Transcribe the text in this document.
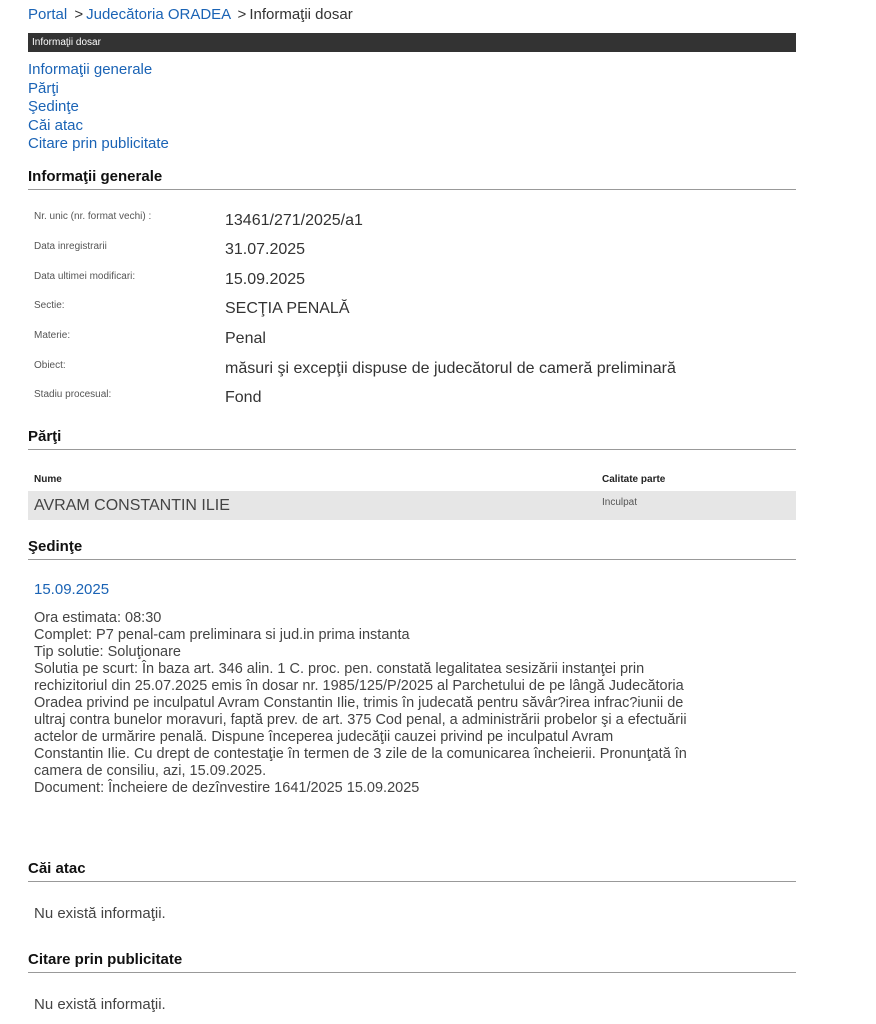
Portal > Judecătoria ORADEA > Informaţii dosar
Informaţii dosar
Informaţii generale
Părţi
Şedinţe
Căi atac
Citare prin publicitate
Informaţii generale
Nr. unic (nr. format vechi) :	13461/271/2025/a1
Data inregistrarii	31.07.2025
Data ultimei modificari:	15.09.2025
Sectie:	SECŢIA PENALĂ
Materie:	Penal
Obiect:	măsuri şi excepţii dispuse de judecătorul de cameră preliminară
Stadiu procesual:	Fond
Părţi
Nume	Calitate parte
AVRAM CONSTANTIN ILIE	Inculpat
Şedinţe
15.09.2025
Ora estimata: 08:30
Complet: P7 penal-cam preliminara si jud.in prima instanta
Tip solutie: Soluţionare
Solutia pe scurt: În baza art. 346 alin. 1 C. proc. pen. constată legalitatea sesizării instanţei prin
rechizitoriul din 25.07.2025 emis în dosar nr. 1985/125/P/2025 al Parchetului de pe lângă Judecătoria
Oradea privind pe inculpatul Avram Constantin Ilie, trimis în judecată pentru săvâr?irea infrac?iunii de
ultraj contra bunelor moravuri, faptă prev. de art. 375 Cod penal, a administrării probelor şi a efectuării
actelor de urmărire penală. Dispune începerea judecăţii cauzei privind pe inculpatul Avram
Constantin Ilie. Cu drept de contestaţie în termen de 3 zile de la comunicarea încheierii. Pronunţată în
camera de consiliu, azi, 15.09.2025.
Document: Încheiere de dezînvestire 1641/2025 15.09.2025
Căi atac
Nu există informaţii.
Citare prin publicitate
Nu există informaţii.
